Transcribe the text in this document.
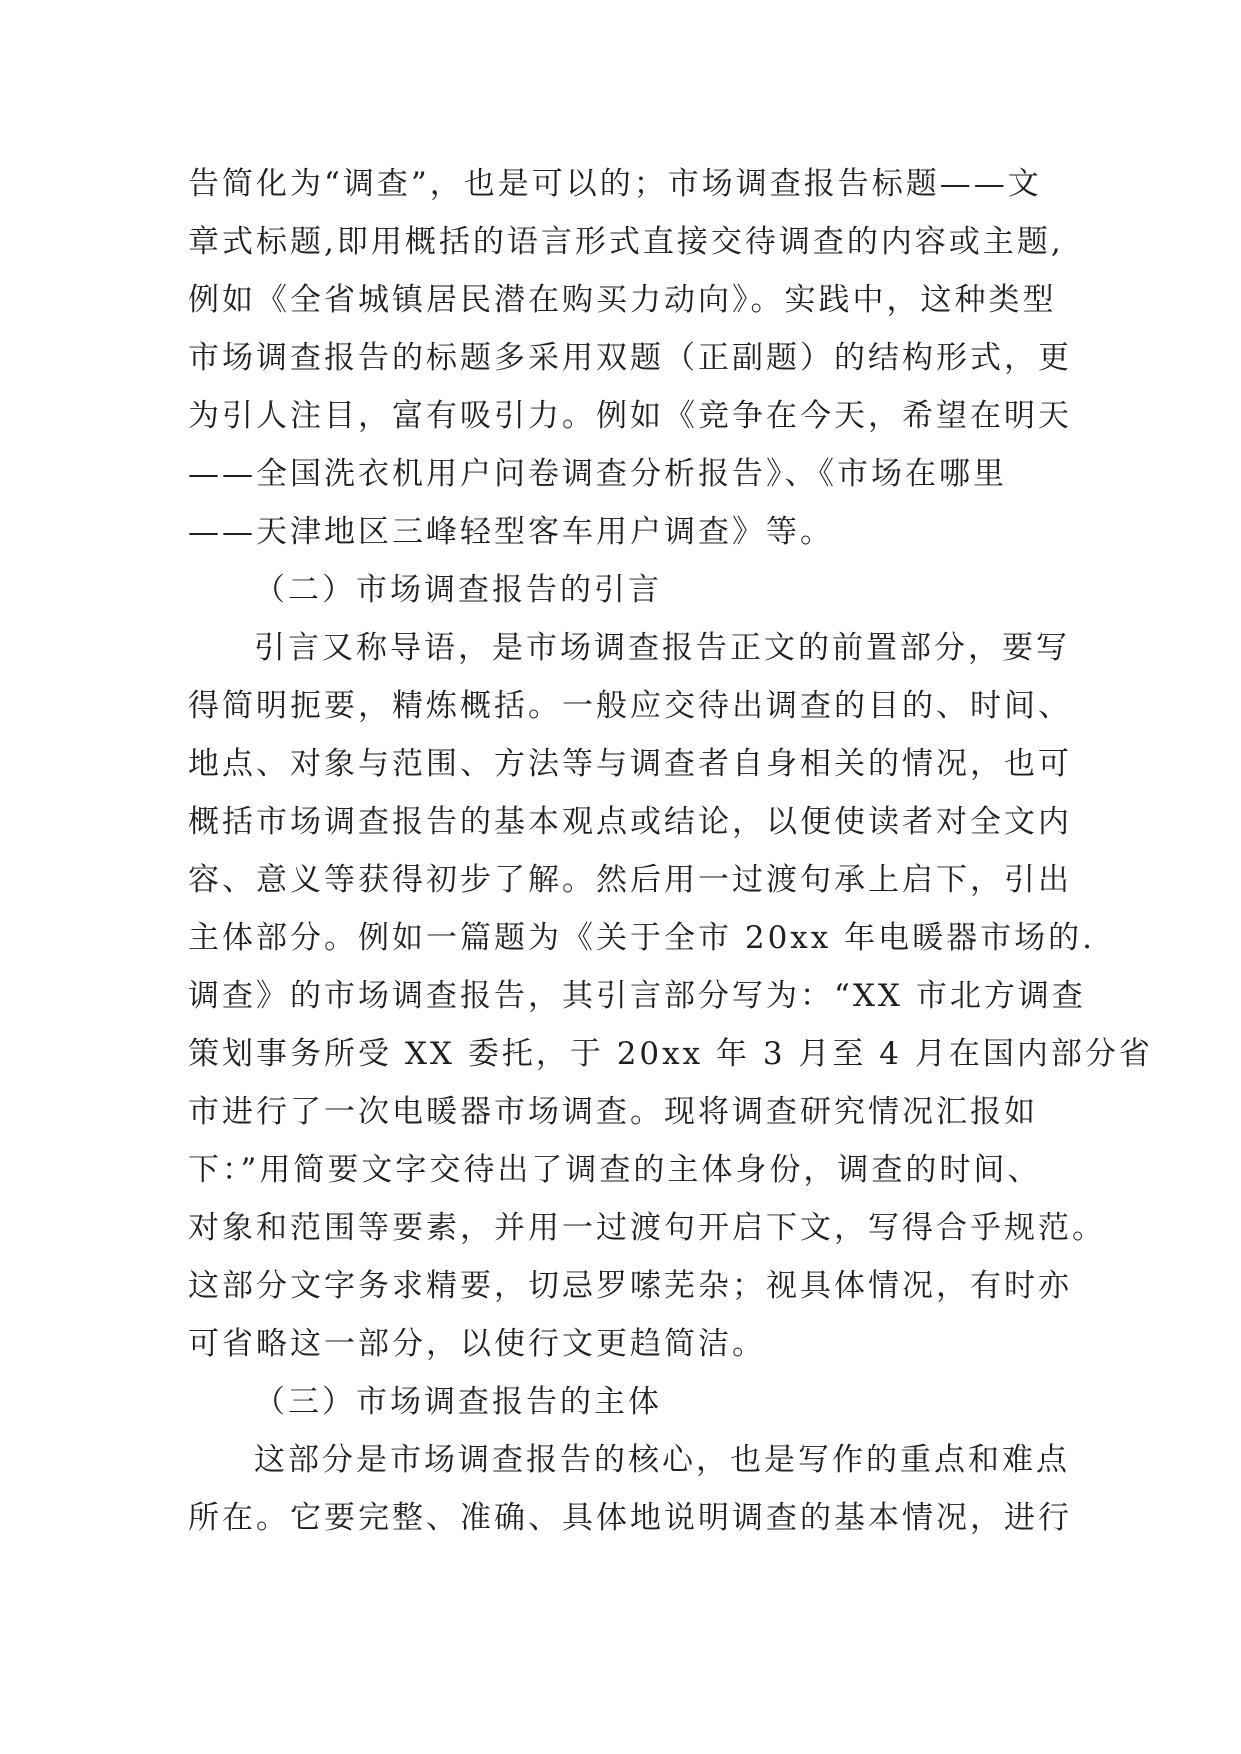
告简化为“调查”，也是可以的；市场调查报告标题——文
章式标题,即用概括的语言形式直接交待调查的内容或主题,
例如《全省城镇居民潜在购买力动向》。实践中，这种类型
市场调查报告的标题多采用双题（正副题）的结构形式，更
为引人注目，富有吸引力。例如《竞争在今天，希望在明天
——全国洗衣机用户问卷调查分析报告》、《市场在哪里
——天津地区三峰轻型客车用户调查》等。
（二）市场调查报告的引言
引言又称导语，是市场调查报告正文的前置部分，要写
得简明扼要，精炼概括。一般应交待出调查的目的、时间、
地点、对象与范围、方法等与调查者自身相关的情况，也可
概括市场调查报告的基本观点或结论，以便使读者对全文内
容、意义等获得初步了解。然后用一过渡句承上启下，引出
主体部分。例如一篇题为《关于全市 20xx 年电暖器市场的.
调查》的市场调查报告，其引言部分写为：“XX 市北方调查
策划事务所受 XX 委托，于 20xx 年 3 月至 4 月在国内部分省
市进行了一次电暖器市场调查。现将调查研究情况汇报如
下：”用简要文字交待出了调查的主体身份，调查的时间、
对象和范围等要素，并用一过渡句开启下文，写得合乎规范。
这部分文字务求精要，切忌罗嗦芜杂；视具体情况，有时亦
可省略这一部分，以使行文更趋简洁。
（三）市场调查报告的主体
这部分是市场调查报告的核心，也是写作的重点和难点
所在。它要完整、准确、具体地说明调查的基本情况，进行
